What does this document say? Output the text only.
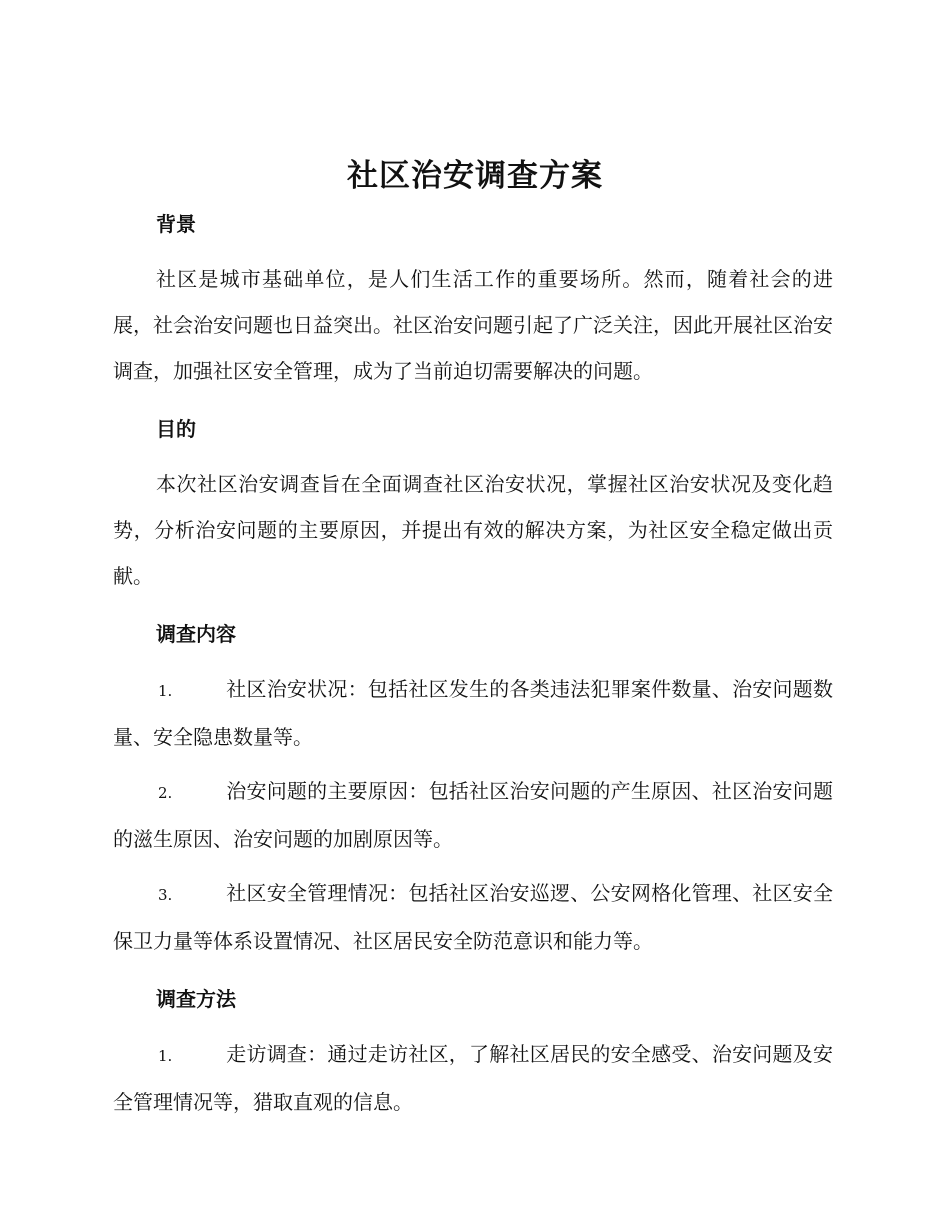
社区治安调查方案
背景

社区是城市基础单位，是人们生活工作的重要场所。然而，随着社会的进展，社会治安问题也日益突出。社区治安问题引起了广泛关注，因此开展社区治安调查，加强社区安全管理，成为了当前迫切需要解决的问题。

目的

本次社区治安调查旨在全面调查社区治安状况，掌握社区治安状况及变化趋势，分析治安问题的主要原因，并提出有效的解决方案，为社区安全稳定做出贡献。

调查内容

1.	社区治安状况：包括社区发生的各类违法犯罪案件数量、治安问题数量、安全隐患数量等。

2.	治安问题的主要原因：包括社区治安问题的产生原因、社区治安问题的滋生原因、治安问题的加剧原因等。

3.	社区安全管理情况：包括社区治安巡逻、公安网格化管理、社区安全保卫力量等体系设置情况、社区居民安全防范意识和能力等。

调查方法

1.	走访调查：通过走访社区，了解社区居民的安全感受、治安问题及安全管理情况等，猎取直观的信息。
